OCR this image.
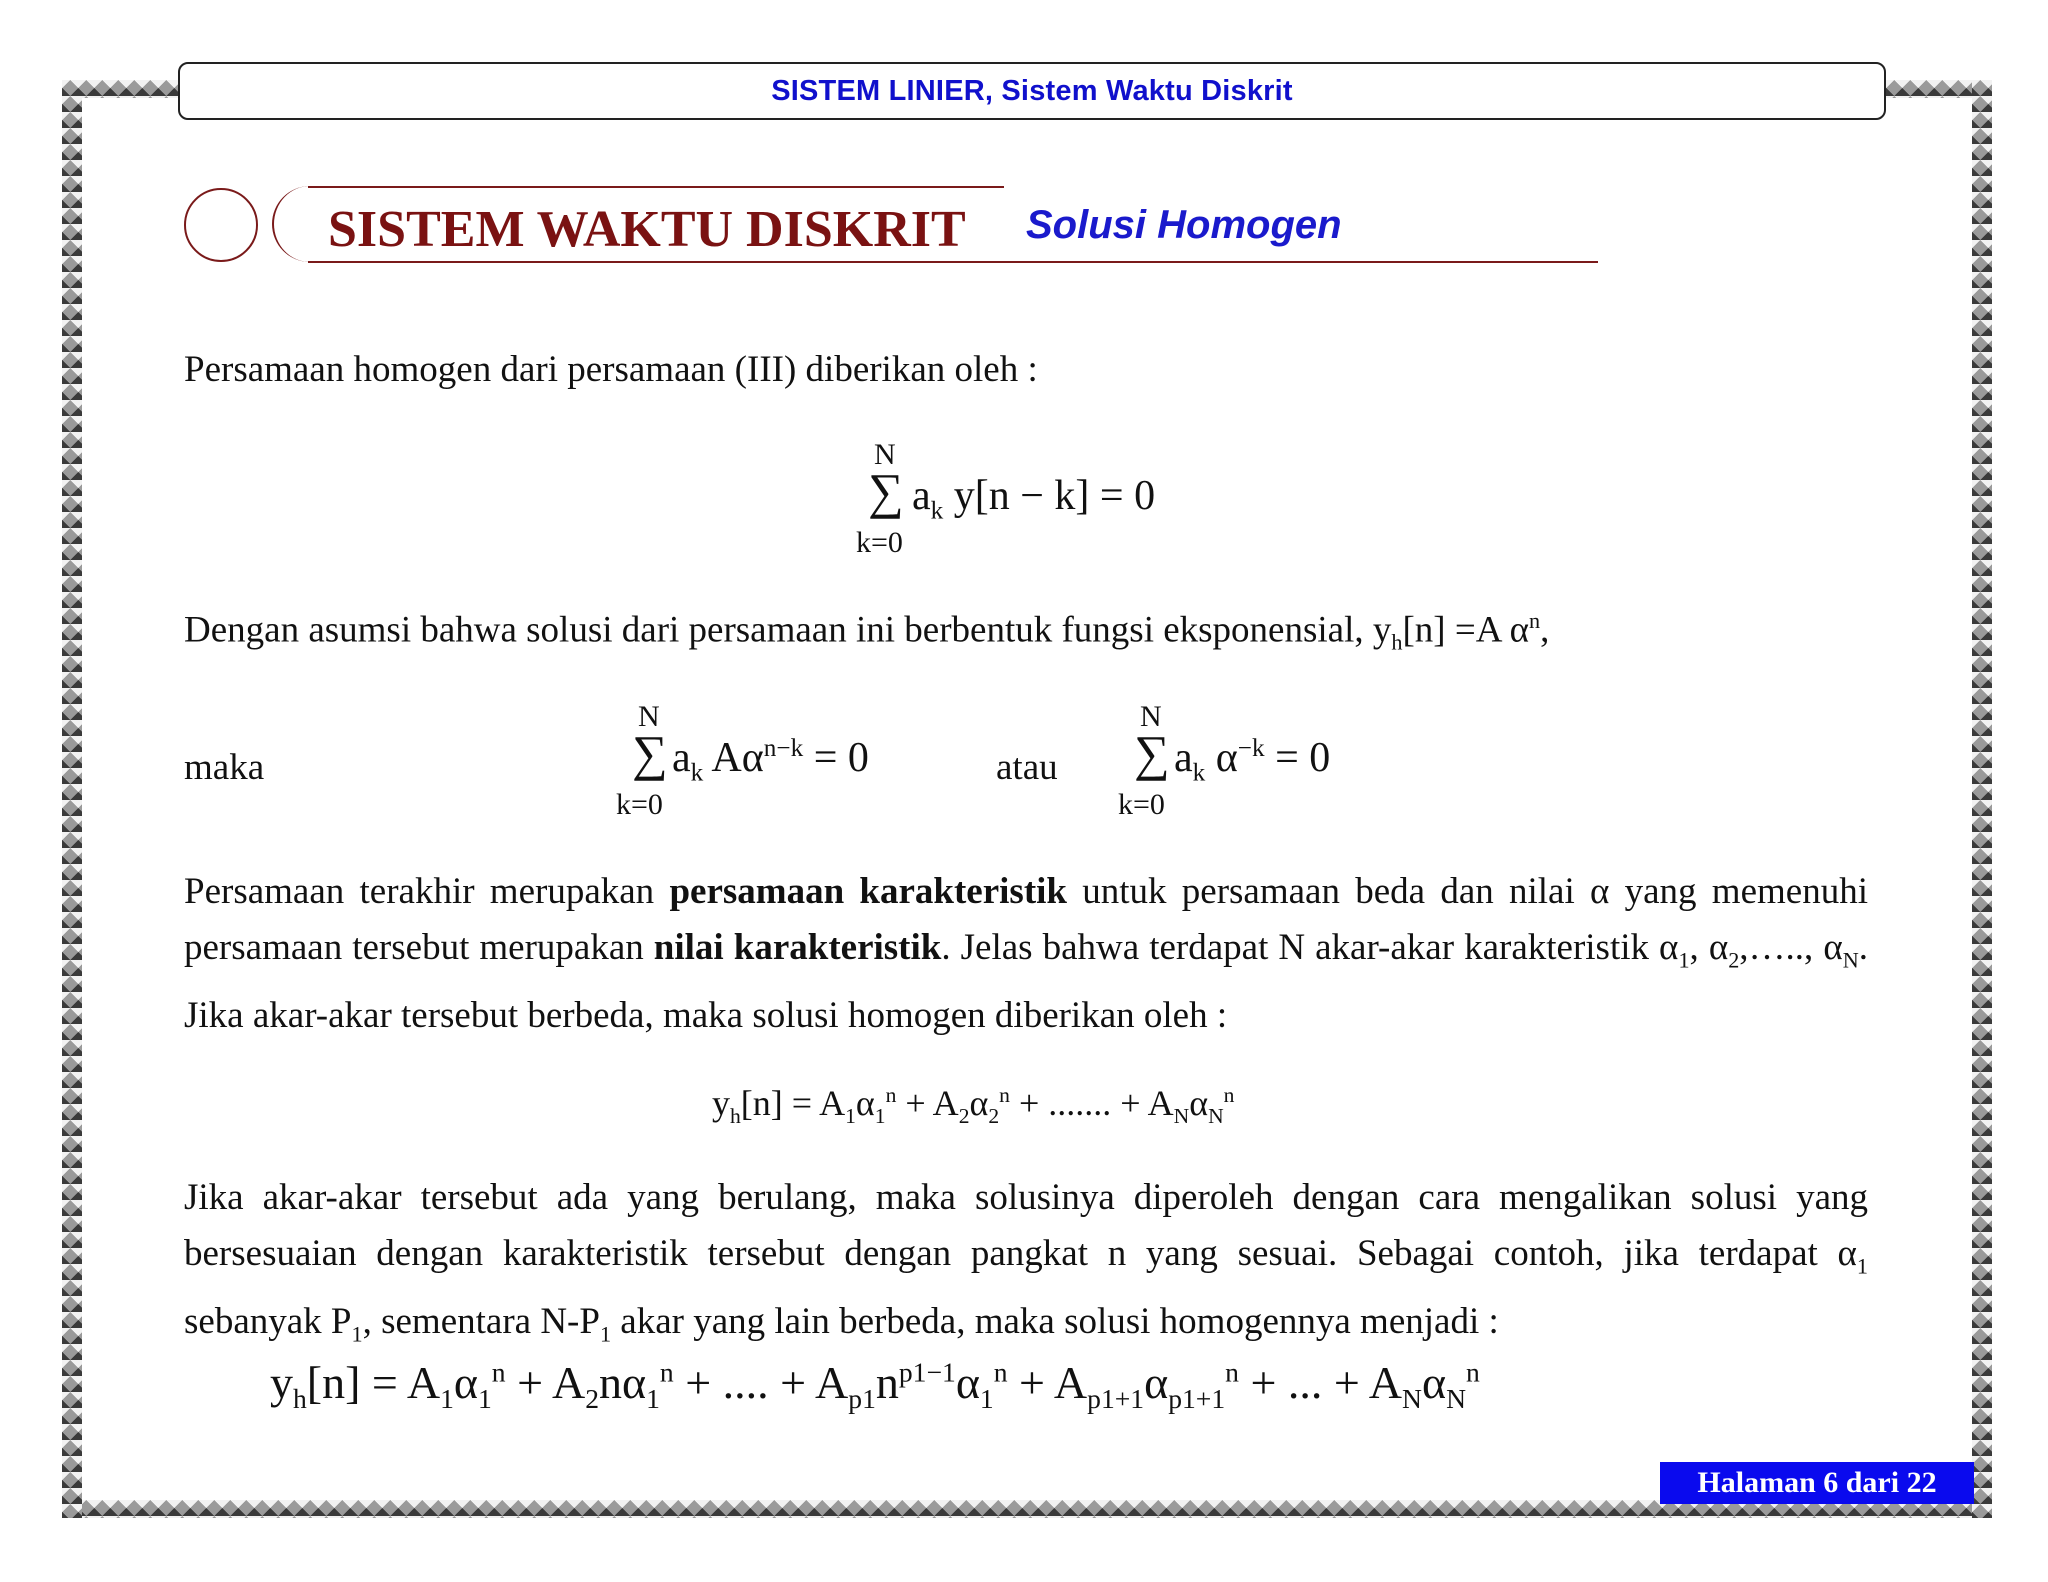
SISTEM LINIER, Sistem Waktu Diskrit
SISTEM WAKTU DISKRIT Solusi Homogen
Persamaan homogen dari persamaan (III) diberikan oleh :
N
∑
k=0
$a_k$ y[n − k] = 0
Dengan asumsi bahwa solusi dari persamaan ini berbentuk fungsi eksponensial, $y_h[n] =A$ $\alpha^n$,
maka
N
∑
k=0
$a_k$ $A\alpha^{n-k} = 0$	atau
N
∑
k=0
$a_k$ $\alpha^{-k} = 0$
Persamaan terakhir merupakan persamaan karakteristik untuk persamaan beda dan nilai α yang memenuhi persamaan tersebut merupakan nilai karakteristik. Jelas bahwa terdapat N akar-akar karakteristik $\alpha_1$, $\alpha_2,\dots$.., $\alpha_N$. Jika akar-akar tersebut berbeda, maka solusi homogen diberikan oleh :
$y_h[n] = A_1\alpha_1^n + A_2\alpha_2^n$ + ....... + $A_N\alpha_N^n$
Jika akar-akar tersebut ada yang berulang, maka solusinya diperoleh dengan cara mengalikan solusi yang bersesuaian dengan karakteristik tersebut dengan pangkat n yang sesuai. Sebagai contoh, jika terdapat $\alpha_1$ sebanyak $P_1$, sementara $N-P_1$ akar yang lain berbeda, maka solusi homogennya menjadi :
$y_h[n] = A_1\alpha_1^n + A_2n\alpha_1^n$ + .... + $A_{p1}n^{p1-1}\alpha_1^n + A_{p1+1}\alpha_{p1+1}^n$ + ... + $A_N\alpha_N^n$
Halaman 6 dari 22
